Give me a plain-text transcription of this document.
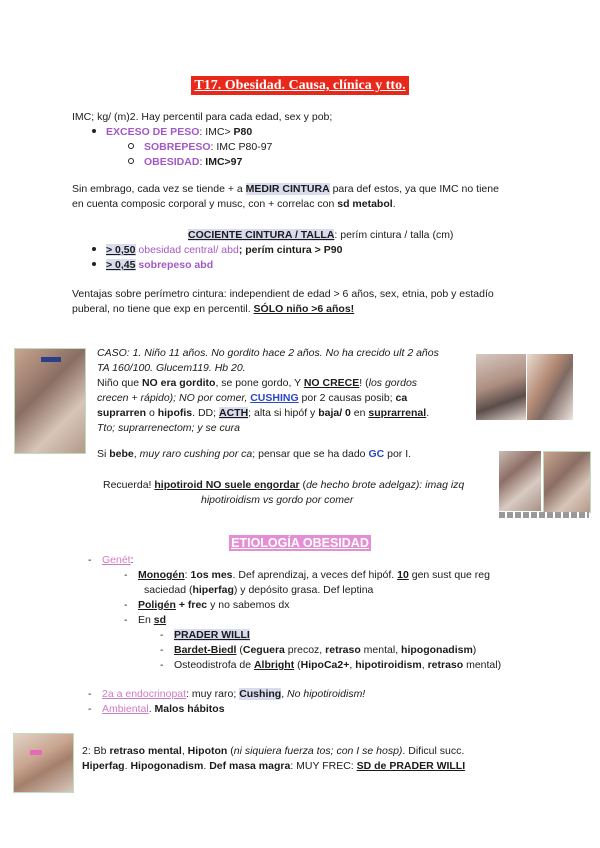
T17. Obesidad. Causa, clínica y tto.

IMC; kg/ (m)2. Hay percentil para cada edad, sex y pob;

EXCESO DE PESO: IMC> P80

SOBREPESO: IMC P80-97

OBESIDAD: IMC>97

Sin embrago, cada vez se tiende + a MEDIR CINTURA para def estos, ya que IMC no tiene

en cuenta composic corporal y musc, con + correlac con sd metabol.

COCIENTE CINTURA / TALLA: perím cintura / talla (cm)

> 0,50 obesidad central/ abd; perím cintura > P90

> 0,45 sobrepeso abd

Ventajas sobre perímetro cintura: independient de edad > 6 años, sex, etnia, pob y estadío

puberal, no tiene que exp en percentil. SÓLO niño >6 años!

CASO: 1. Niño 11 años. No gordito hace 2 años. No ha crecido ult 2 años

TA 160/100. Glucem119. Hb 20.

Niño que NO era gordito, se pone gordo, Y NO CRECE! (los gordos

crecen + rápido); NO por comer, CUSHING por 2 causas posib; ca

suprarren o hipofis. DD; ACTH; alta si hipóf y baja/ 0 en suprarrenal.

Tto; suprarrenectom; y se cura

Si bebe, muy raro cushing por ca; pensar que se ha dado GC por I.

Recuerda! hipotiroid NO suele engordar (de hecho brote adelgaz): imag izq

hipotiroidism vs gordo por comer

ETIOLOGÍA OBESIDAD

- Genét:

- Monogén: 1os mes. Def aprendizaj, a veces def hipóf. 10 gen sust que reg

saciedad (hiperfag) y depósito grasa. Def leptina

- Poligén + frec y no sabemos dx

- En sd

- PRADER WILLI

- Bardet-Biedl (Ceguera precoz, retraso mental, hipogonadism)

- Osteodistrofa de Albright (HipoCa2+, hipotiroidism, retraso mental)

- 2a a endocrinopat: muy raro; Cushing, No hipotiroidism!

- Ambiental. Malos hábitos

2: Bb retraso mental, Hipoton (ni siquiera fuerza tos; con I se hosp). Dificul succ.

Hiperfag. Hipogonadism. Def masa magra: MUY FREC: SD de PRADER WILLI
